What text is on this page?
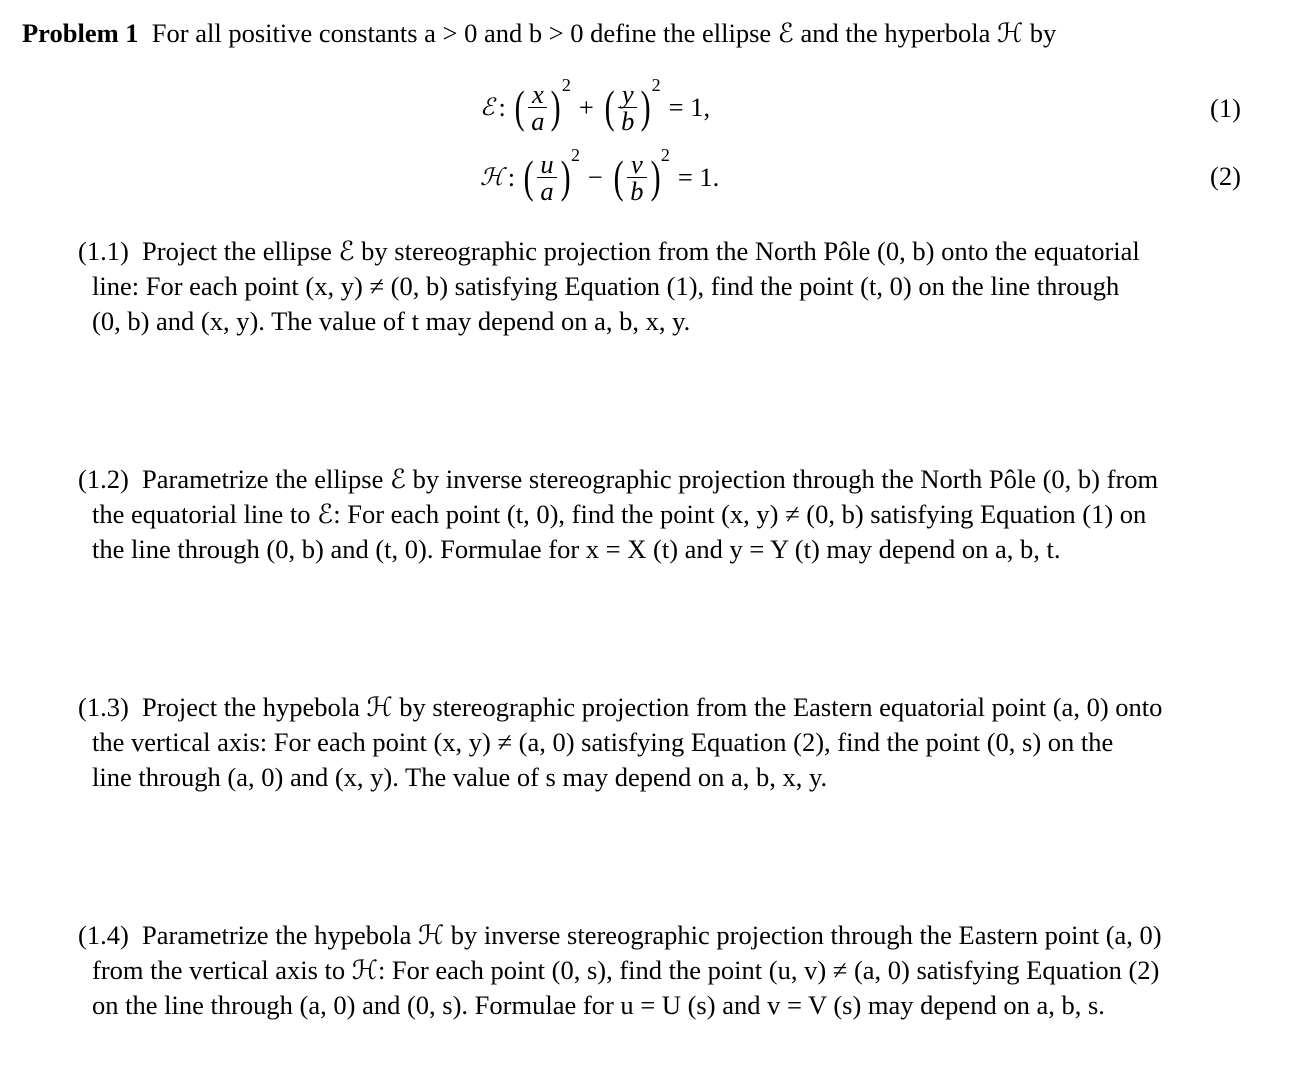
Problem 1 For all positive constants a > 0 and b > 0 define the ellipse ℰ and the hyperbola ℋ by
ℰ : ( $\frac{x}{a}$ ) 2
+ ( $\frac{y}{b}$ ) 2
= 1,	(1)
ℋ : ( $\frac{u}{a}$ ) 2
− ( $\frac{v}{b}$ ) 2
= 1.	(2)
(1.1) Project the ellipse ℰ by stereographic projection from the North Pôle (0, b) onto the equatorial
line: For each point (x, y) ≠ (0, b) satisfying Equation (1), find the point (t, 0) on the line through
(0, b) and (x, y). The value of t may depend on a, b, x, y.
(1.2) Parametrize the ellipse ℰ by inverse stereographic projection through the North Pôle (0, b) from
the equatorial line to ℰ: For each point (t, 0), find the point (x, y) ≠ (0, b) satisfying Equation (1) on
the line through (0, b) and (t, 0). Formulae for x = X (t) and y = Y (t) may depend on a, b, t.
(1.3) Project the hypebola ℋ by stereographic projection from the Eastern equatorial point (a, 0) onto
the vertical axis: For each point (x, y) ≠ (a, 0) satisfying Equation (2), find the point (0, s) on the
line through (a, 0) and (x, y). The value of s may depend on a, b, x, y.
(1.4) Parametrize the hypebola ℋ by inverse stereographic projection through the Eastern point (a, 0)
from the vertical axis to ℋ: For each point (0, s), find the point (u, v) ≠ (a, 0) satisfying Equation (2)
on the line through (a, 0) and (0, s). Formulae for u = U (s) and v = V (s) may depend on a, b, s.
